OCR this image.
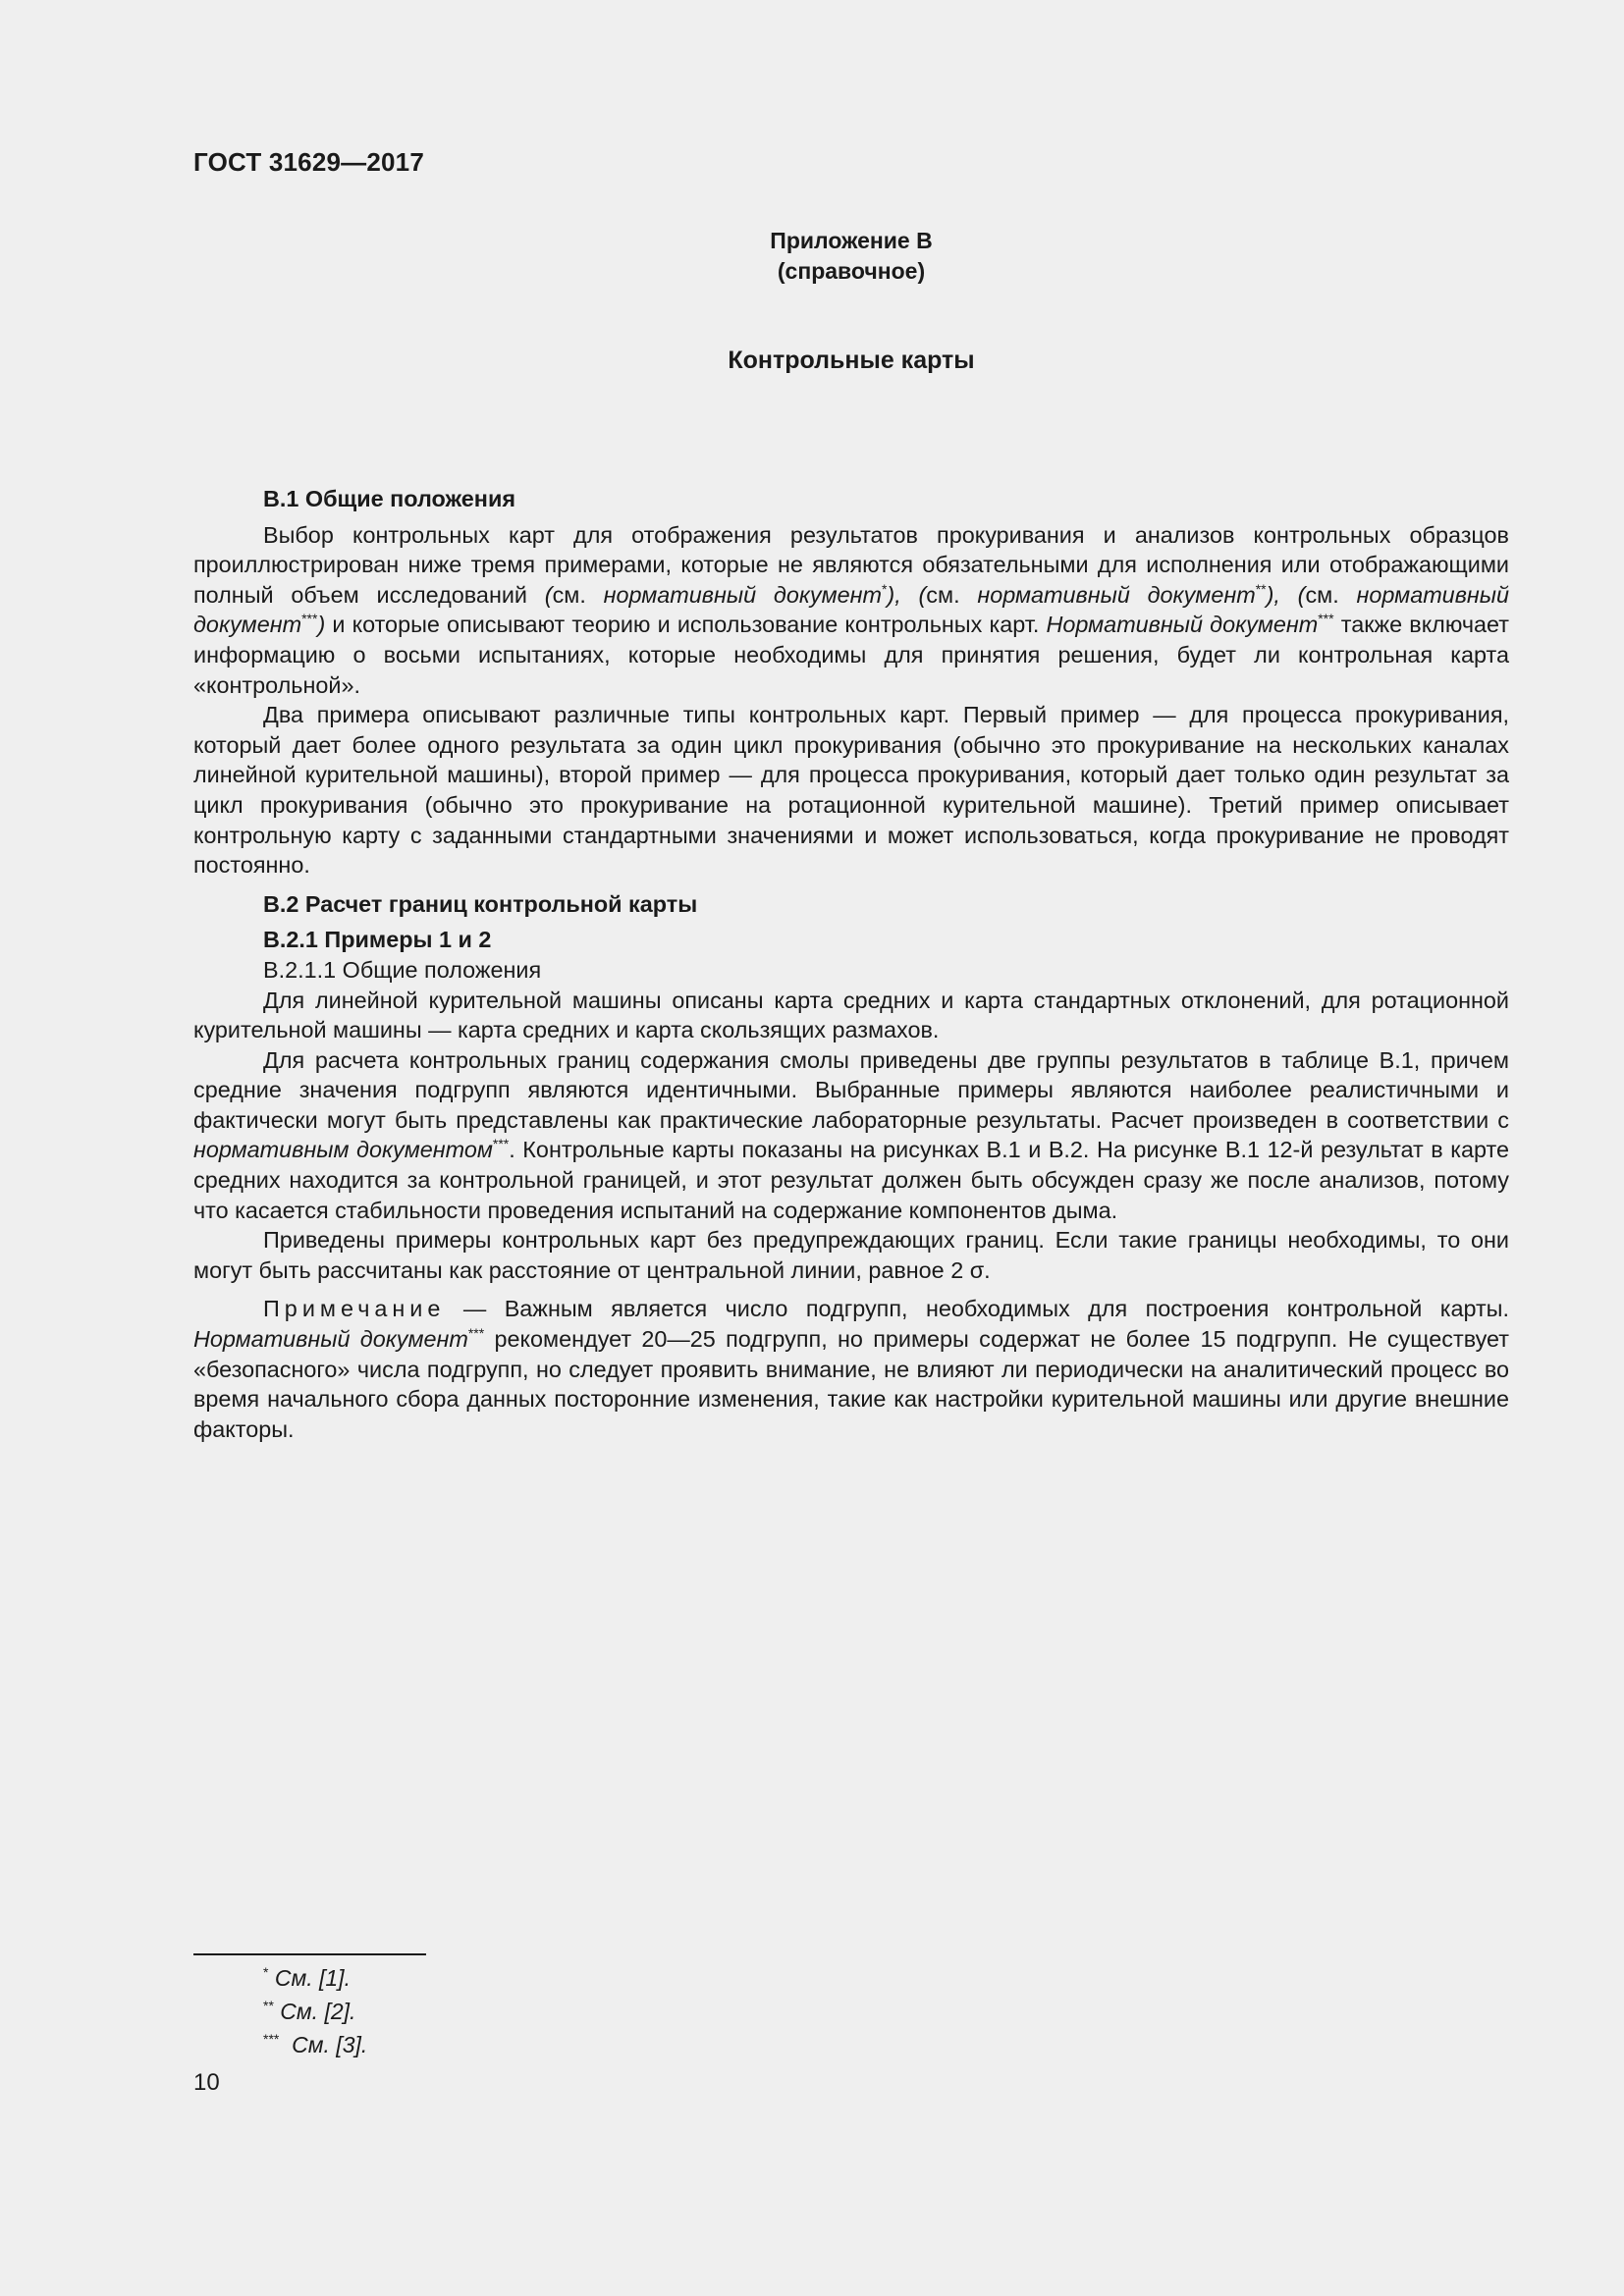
ГОСТ 31629—2017
Приложение В
(справочное)
Контрольные карты
В.1 Общие положения

Выбор контрольных карт для отображения результатов прокуривания и анализов контрольных образцов проиллюстрирован ниже тремя примерами, которые не являются обязательными для исполнения или отображающими полный объем исследований (см. нормативный документ*), (см. нормативный документ**), (см. нормативный документ***) и которые описывают теорию и использование контрольных карт. Нормативный документ*** также включает информацию о восьми испытаниях, которые необходимы для принятия решения, будет ли контрольная карта «контрольной».

Два примера описывают различные типы контрольных карт. Первый пример — для процесса прокуривания, который дает более одного результата за один цикл прокуривания (обычно это прокуривание на нескольких каналах линейной курительной машины), второй пример — для процесса прокуривания, который дает только один результат за цикл прокуривания (обычно это прокуривание на ротационной курительной машине). Третий пример описывает контрольную карту с заданными стандартными значениями и может использоваться, когда прокуривание не проводят постоянно.

В.2 Расчет границ контрольной карты
В.2.1 Примеры 1 и 2
В.2.1.1 Общие положения

Для линейной курительной машины описаны карта средних и карта стандартных отклонений, для ротационной курительной машины — карта средних и карта скользящих размахов.

Для расчета контрольных границ содержания смолы приведены две группы результатов в таблице В.1, причем средние значения подгрупп являются идентичными. Выбранные примеры являются наиболее реалистичными и фактически могут быть представлены как практические лабораторные результаты. Расчет произведен в соответствии с нормативным документом***. Контрольные карты показаны на рисунках В.1 и В.2. На рисунке В.1 12-й результат в карте средних находится за контрольной границей, и этот результат должен быть обсужден сразу же после анализов, потому что касается стабильности проведения испытаний на содержание компонентов дыма.

Приведены примеры контрольных карт без предупреждающих границ. Если такие границы необходимы, то они могут быть рассчитаны как расстояние от центральной линии, равное 2 σ.

Примечание — Важным является число подгрупп, необходимых для построения контрольной карты. Нормативный документ*** рекомендует 20—25 подгрупп, но примеры содержат не более 15 подгрупп. Не существует «безопасного» числа подгрупп, но следует проявить внимание, не влияют ли периодически на аналитический процесс во время начального сбора данных посторонние изменения, такие как настройки курительной машины или другие внешние факторы.

* См. [1].
** См. [2].
***  См. [3].
10
